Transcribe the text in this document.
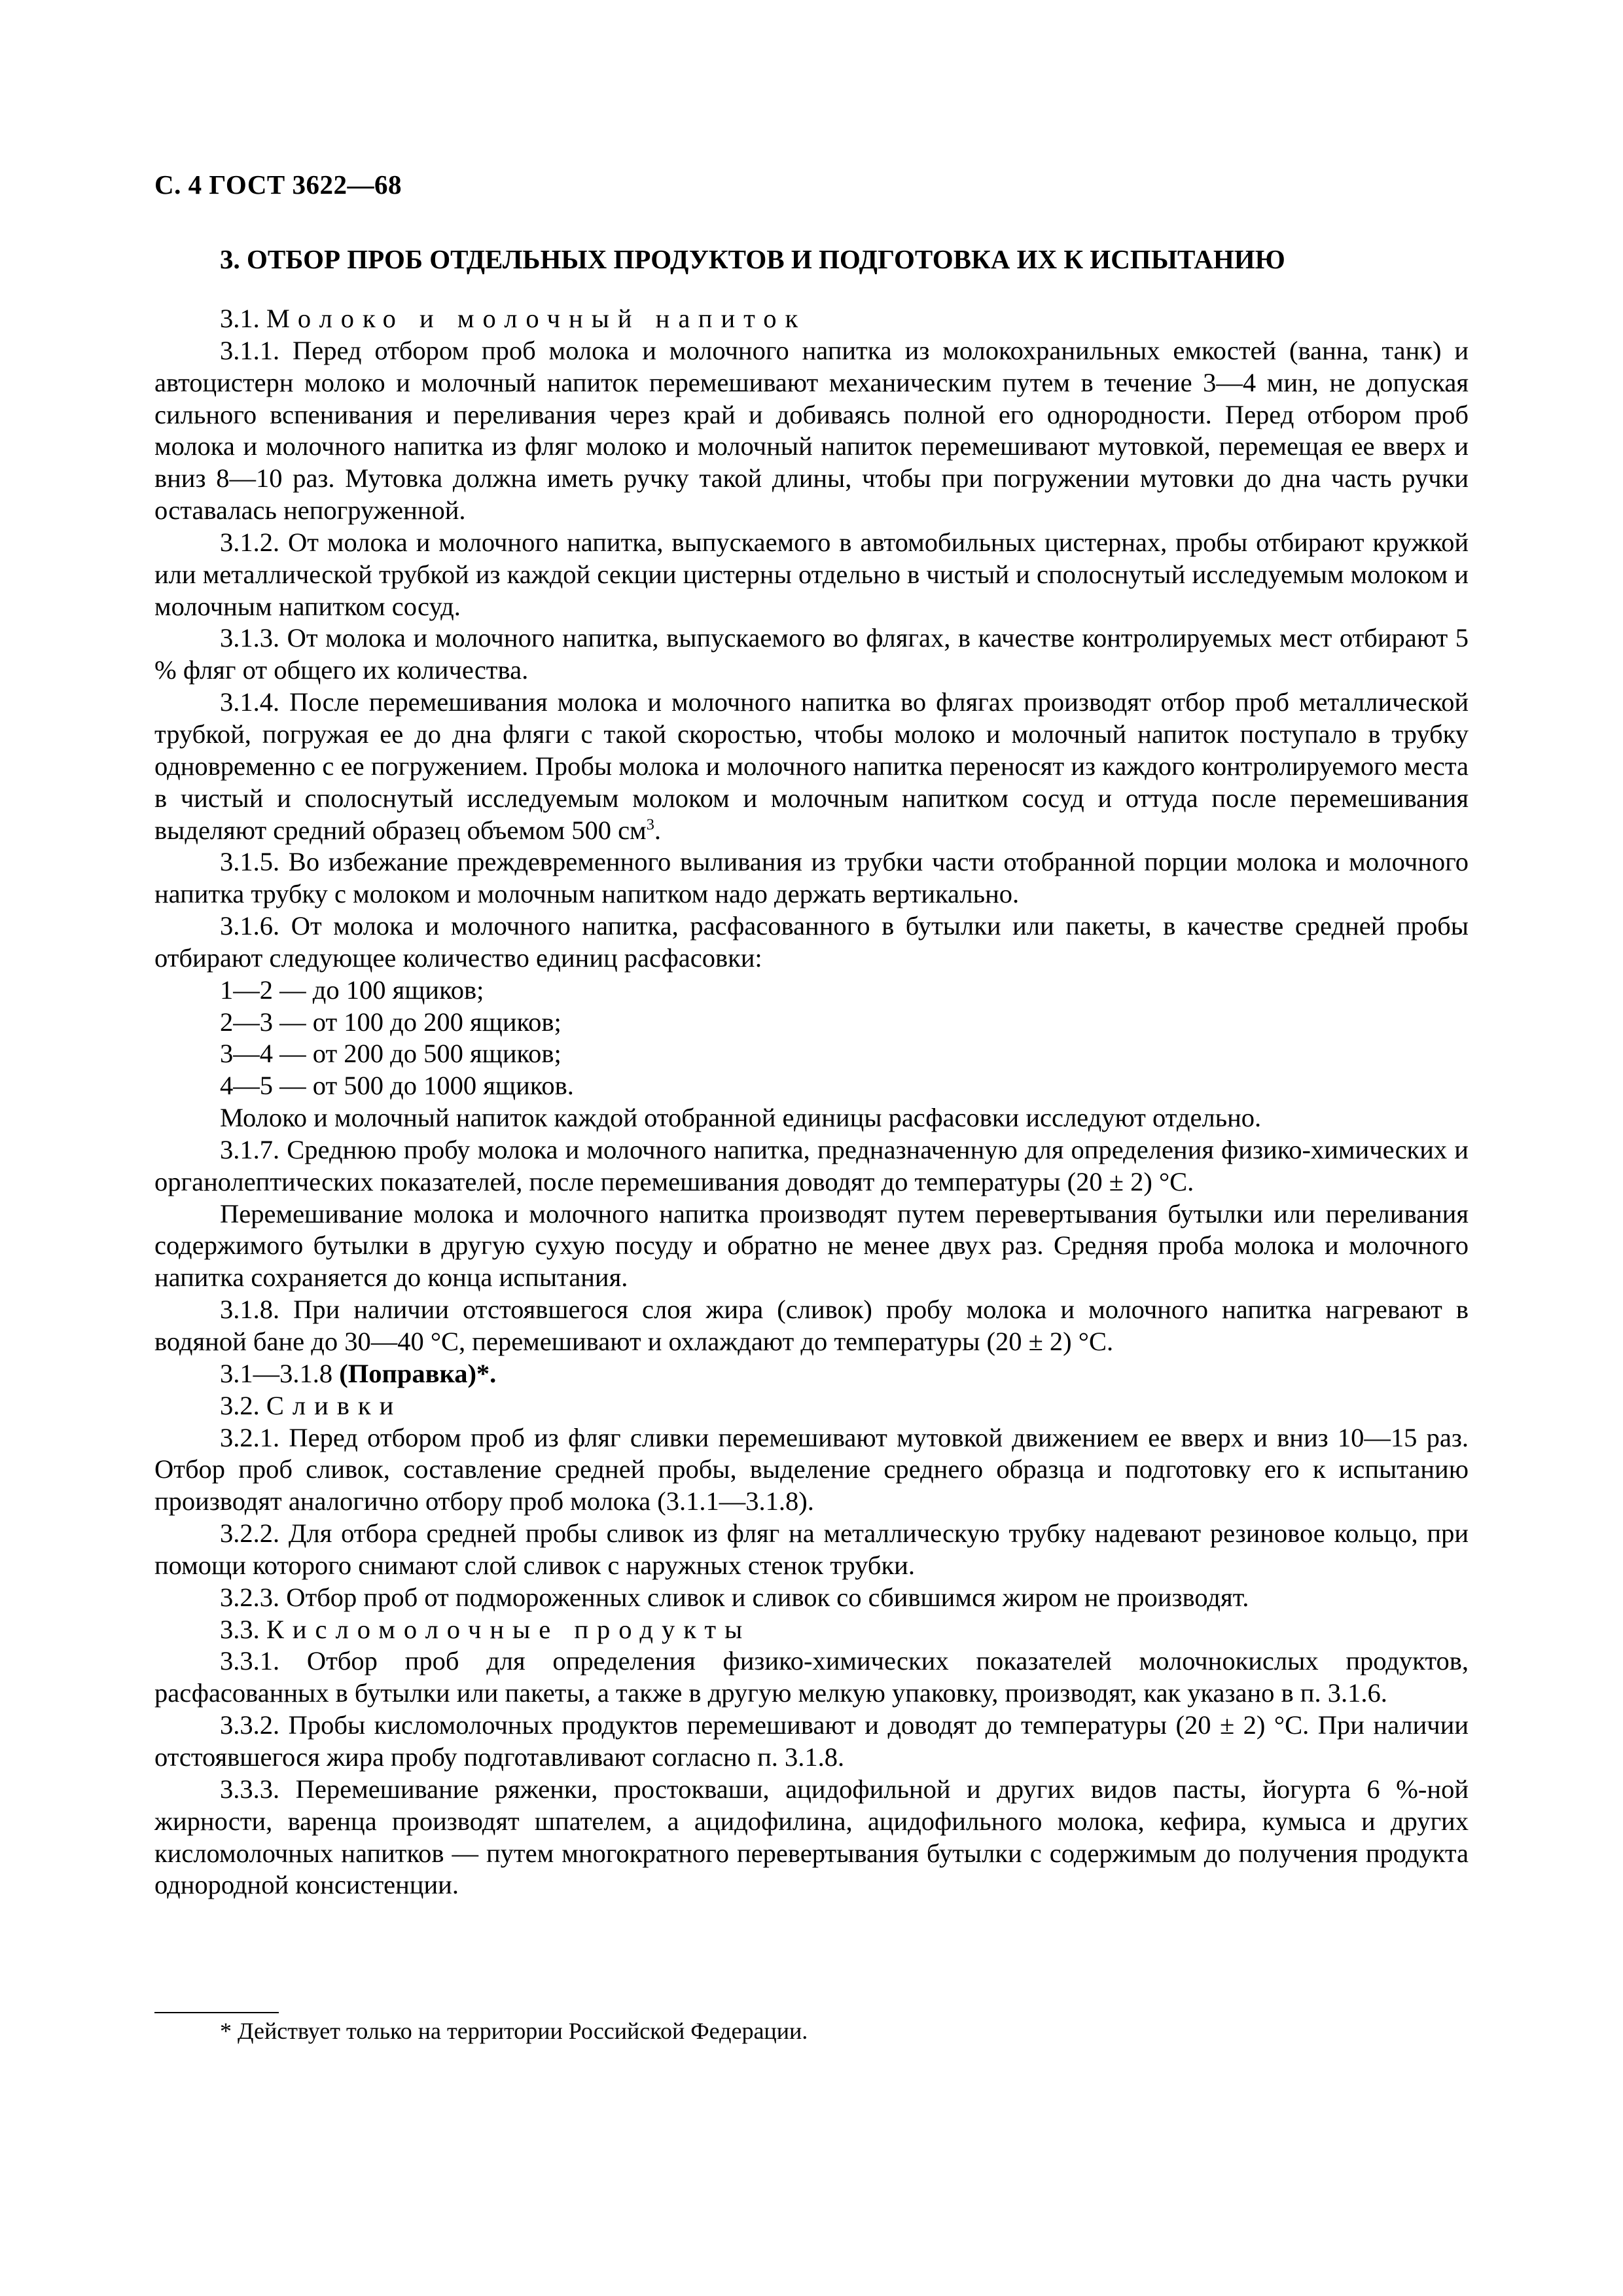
С. 4 ГОСТ 3622—68
3. ОТБОР ПРОБ ОТДЕЛЬНЫХ ПРОДУКТОВ И ПОДГОТОВКА ИХ К ИСПЫТАНИЮ

3.1. Молоко и молочный напиток

3.1.1. Перед отбором проб молока и молочного напитка из молокохранильных емкостей (ванна, танк) и автоцистерн молоко и молочный напиток перемешивают механическим путем в течение 3—4 мин, не допуская сильного вспенивания и переливания через край и добиваясь полной его однородности. Перед отбором проб молока и молочного напитка из фляг молоко и молочный напиток перемешивают мутовкой, перемещая ее вверх и вниз 8—10 раз. Мутовка должна иметь ручку такой длины, чтобы при погружении мутовки до дна часть ручки оставалась непогруженной.

3.1.2. От молока и молочного напитка, выпускаемого в автомобильных цистернах, пробы отбирают кружкой или металлической трубкой из каждой секции цистерны отдельно в чистый и сполоснутый исследуемым молоком и молочным напитком сосуд.

3.1.3. От молока и молочного напитка, выпускаемого во флягах, в качестве контролируемых мест отбирают 5 % фляг от общего их количества.

3.1.4. После перемешивания молока и молочного напитка во флягах производят отбор проб металлической трубкой, погружая ее до дна фляги с такой скоростью, чтобы молоко и молочный напиток поступало в трубку одновременно с ее погружением. Пробы молока и молочного напитка переносят из каждого контролируемого места в чистый и сполоснутый исследуемым молоком и молочным напитком сосуд и оттуда после перемешивания выделяют средний образец объемом 500 $см^3$.

3.1.5. Во избежание преждевременного выливания из трубки части отобранной порции молока и молочного напитка трубку с молоком и молочным напитком надо держать вертикально.

3.1.6. От молока и молочного напитка, расфасованного в бутылки или пакеты, в качестве средней пробы отбирают следующее количество единиц расфасовки:

1—2 — до 100 ящиков;

2—3 — от 100 до 200 ящиков;

3—4 — от 200 до 500 ящиков;

4—5 — от 500 до 1000 ящиков.

Молоко и молочный напиток каждой отобранной единицы расфасовки исследуют отдельно.

3.1.7. Среднюю пробу молока и молочного напитка, предназначенную для определения физико-химических и органолептических показателей, после перемешивания доводят до температуры (20 ± 2) °С.

Перемешивание молока и молочного напитка производят путем перевертывания бутылки или переливания содержимого бутылки в другую сухую посуду и обратно не менее двух раз. Средняя проба молока и молочного напитка сохраняется до конца испытания.

3.1.8. При наличии отстоявшегося слоя жира (сливок) пробу молока и молочного напитка нагревают в водяной бане до 30—40 °С, перемешивают и охлаждают до температуры (20 ± 2) °С.

3.1—3.1.8 (Поправка)*.

3.2. Сливки

3.2.1. Перед отбором проб из фляг сливки перемешивают мутовкой движением ее вверх и вниз 10—15 раз. Отбор проб сливок, составление средней пробы, выделение среднего образца и подготовку его к испытанию производят аналогично отбору проб молока (3.1.1—3.1.8).

3.2.2. Для отбора средней пробы сливок из фляг на металлическую трубку надевают резиновое кольцо, при помощи которого снимают слой сливок с наружных стенок трубки.

3.2.3. Отбор проб от подмороженных сливок и сливок со сбившимся жиром не производят.

3.3. Кисломолочные продукты

3.3.1. Отбор проб для определения физико-химических показателей молочнокислых продуктов, расфасованных в бутылки или пакеты, а также в другую мелкую упаковку, производят, как указано в п. 3.1.6.

3.3.2. Пробы кисломолочных продуктов перемешивают и доводят до температуры (20 ± 2) °С. При наличии отстоявшегося жира пробу подготавливают согласно п. 3.1.8.

3.3.3. Перемешивание ряженки, простокваши, ацидофильной и других видов пасты, йогурта 6 %-ной жирности, варенца производят шпателем, а ацидофилина, ацидофильного молока, кефира, кумыса и других кисломолочных напитков — путем многократного перевертывания бутылки с содержимым до получения продукта однородной консистенции.

* Действует только на территории Российской Федерации.
